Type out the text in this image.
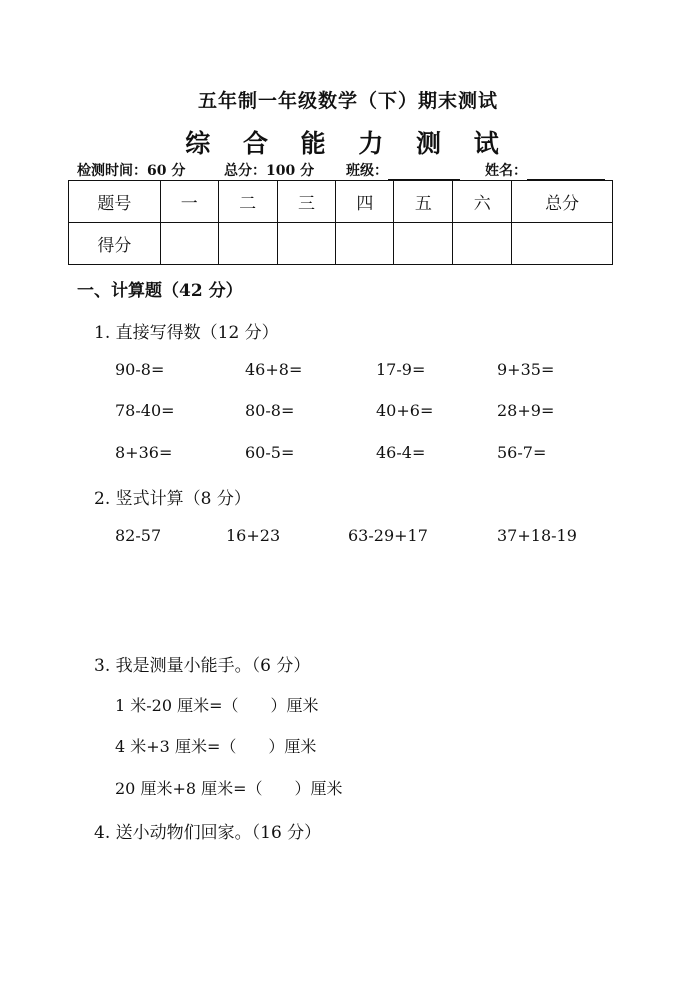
五年制一年级数学（下）期末测试
综 合 能 力 测 试
检测时间：60 分	总分：100 分 班级：	姓名：
题号	一	二	三	四	五	六	总分
得分							
一、计算题（42 分）
1. 直接写得数（12 分）
90-8=	46+8=	17-9=	9+35=
78-40=	80-8=	40+6=	28+9=
8+36=	60-5=	46-4=	56-7=
2. 竖式计算（8 分）
82-57	16+23	63-29+17	37+18-19
3. 我是测量小能手。（6 分）
1 米-20 厘米=（　　）厘米
4 米+3 厘米=（　　）厘米
20 厘米+8 厘米=（　　）厘米
4. 送小动物们回家。（16 分）
